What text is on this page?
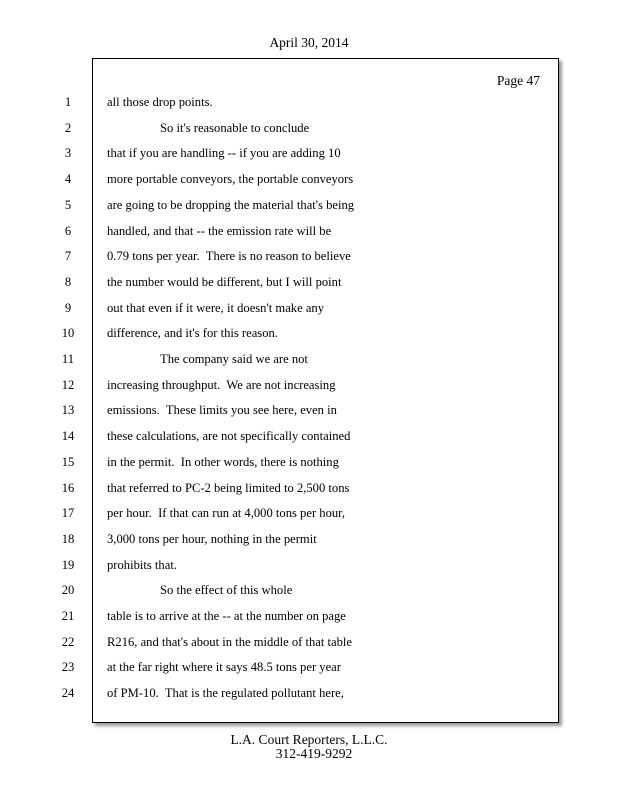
April 30, 2014
Page 47
1	all those drop points.
2	So it's reasonable to conclude
3	that if you are handling -- if you are adding 10
4	more portable conveyors, the portable conveyors
5	are going to be dropping the material that's being
6	handled, and that -- the emission rate will be
7	0.79 tons per year.  There is no reason to believe
8	the number would be different, but I will point
9	out that even if it were, it doesn't make any
10	difference, and it's for this reason.
11	The company said we are not
12	increasing throughput.  We are not increasing
13	emissions.  These limits you see here, even in
14	these calculations, are not specifically contained
15	in the permit.  In other words, there is nothing
16	that referred to PC-2 being limited to 2,500 tons
17	per hour.  If that can run at 4,000 tons per hour,
18	3,000 tons per hour, nothing in the permit
19	prohibits that.
20	So the effect of this whole
21	table is to arrive at the -- at the number on page
22	R216, and that's about in the middle of that table
23	at the far right where it says 48.5 tons per year
24	of PM-10.  That is the regulated pollutant here,
L.A. Court Reporters, L.L.C.
312-419-9292
